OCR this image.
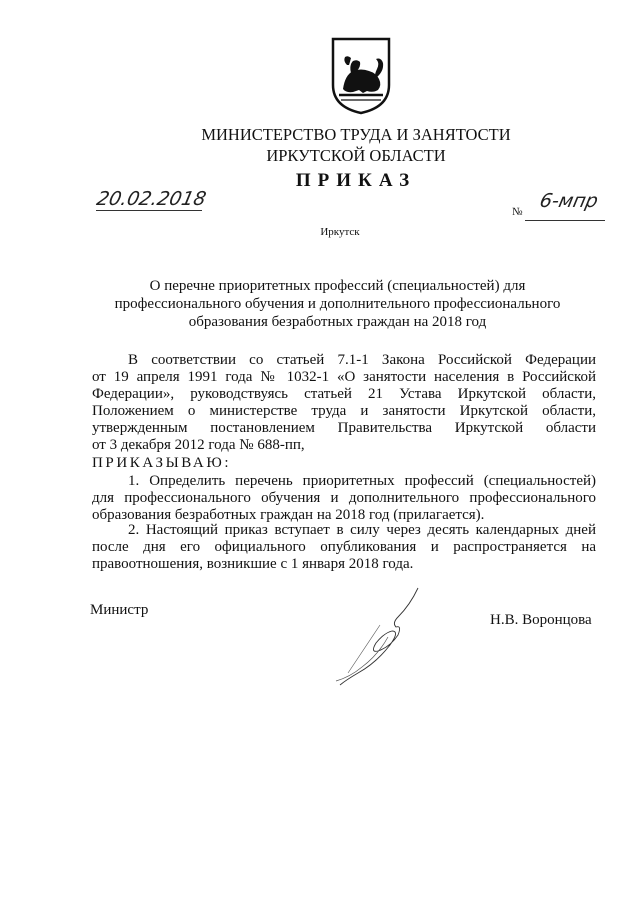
МИНИСТЕРСТВО ТРУДА И ЗАНЯТОСТИ
ИРКУТСКОЙ ОБЛАСТИ
ПРИКАЗ
20.02.2018
№ 6-мпр
Иркутск
О перечне приоритетных профессий (специальностей) для
профессионального обучения и дополнительного профессионального
образования безработных граждан на 2018 год
В соответствии со статьей 7.1-1 Закона Российской Федерации
от 19 апреля 1991 года № 1032-1 «О занятости населения в Российской
Федерации», руководствуясь статьей 21 Устава Иркутской области,
Положением о министерстве труда и занятости Иркутской области,
утвержденным постановлением Правительства Иркутской области
от 3 декабря 2012 года № 688-пп,
ПРИКАЗЫВАЮ:
1. Определить перечень приоритетных профессий (специальностей)
для профессионального обучения и дополнительного профессионального
образования безработных граждан на 2018 год (прилагается).
2. Настоящий приказ вступает в силу через десять календарных дней
после дня его официального опубликования и распространяется на
правоотношения, возникшие с 1 января 2018 года.
Министр
Н.В. Воронцова
